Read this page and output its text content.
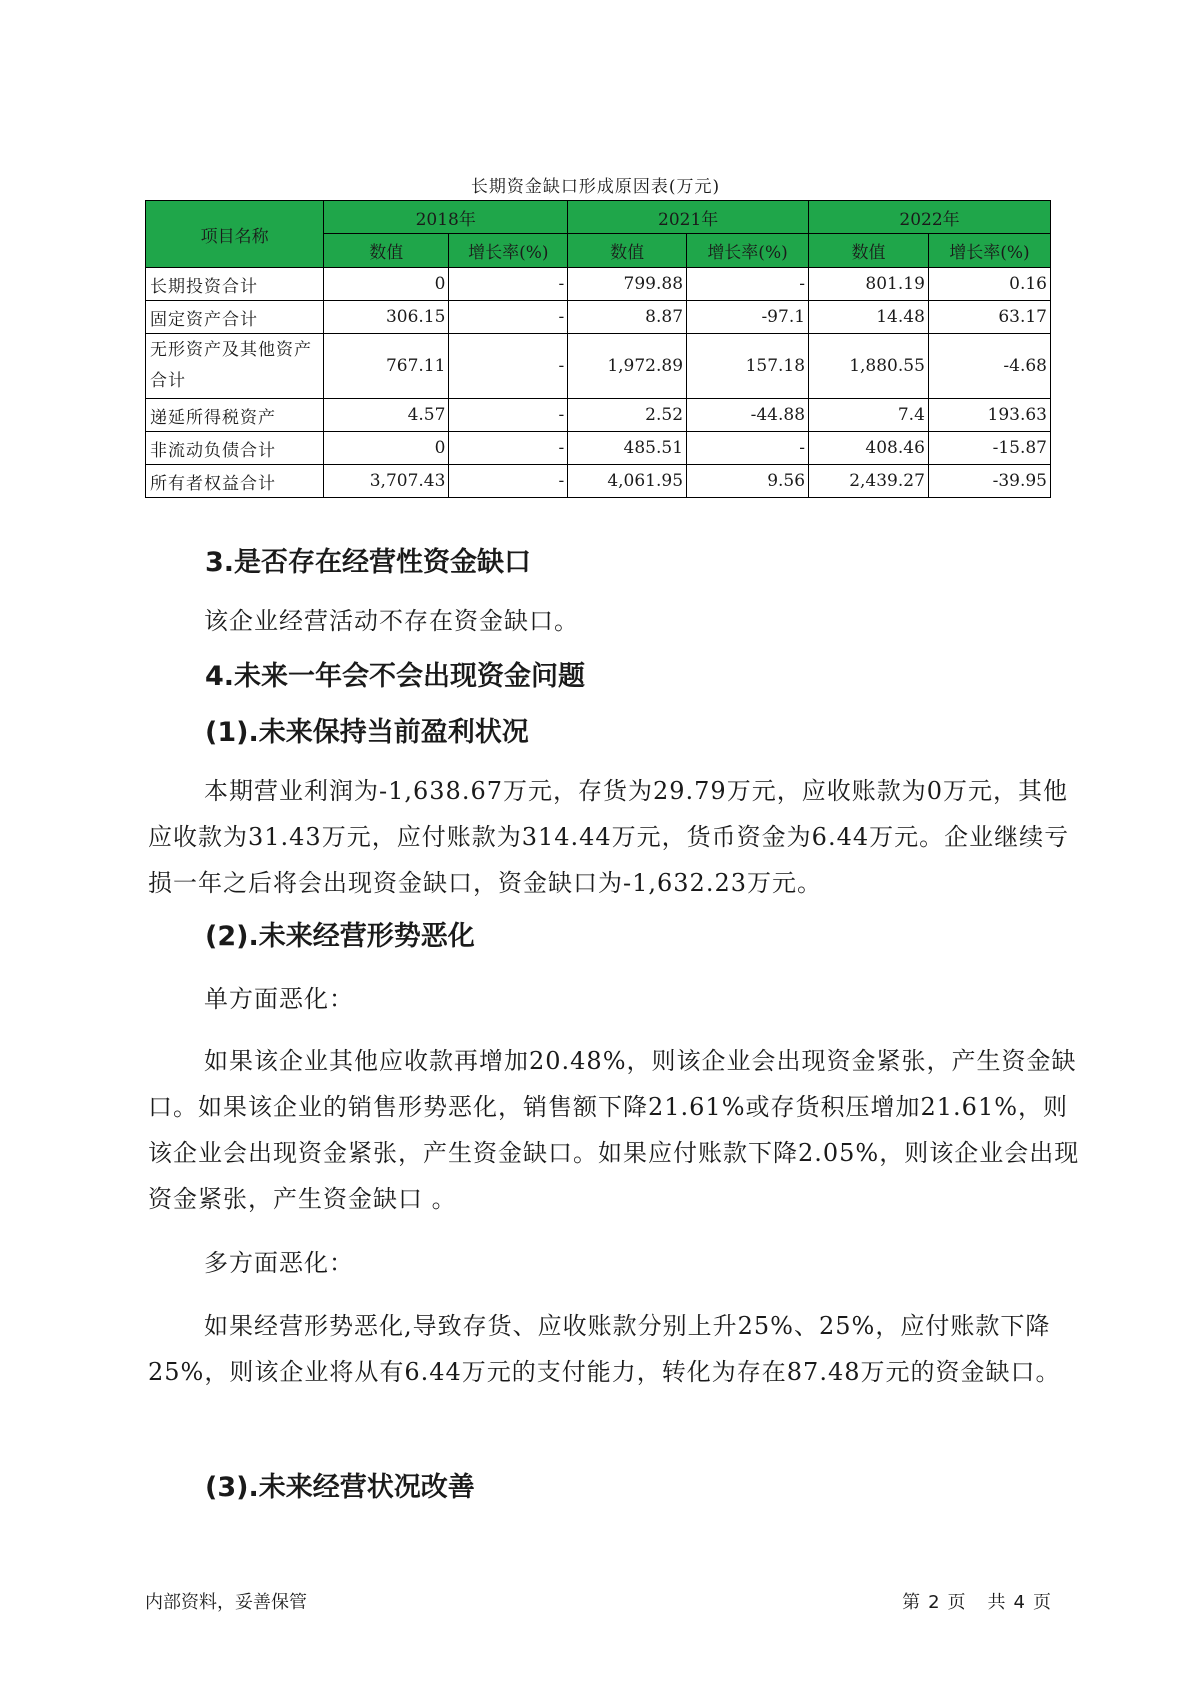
长期资金缺口形成原因表(万元)
项目名称	2018年		2021年		2022年	
	数值	增长率(%)	数值	增长率(%)	数值	增长率(%)
长期投资合计	0	-	799.88	-	801.19	0.16
固定资产合计	306.15	-	8.87	-97.1	14.48	63.17
无形资产及其他资产合计	767.11	-	1,972.89	157.18	1,880.55	-4.68
递延所得税资产	4.57	-	2.52	-44.88	7.4	193.63
非流动负债合计	0	-	485.51	-	408.46	-15.87
所有者权益合计	3,707.43	-	4,061.95	9.56	2,439.27	-39.95
3.是否存在经营性资金缺口
该企业经营活动不存在资金缺口。
4.未来一年会不会出现资金问题
(1).未来保持当前盈利状况
本期营业利润为-1,638.67万元，存货为29.79万元，应收账款为0万元，其他应收款为31.43万元，应付账款为314.44万元，货币资金为6.44万元。企业继续亏损一年之后将会出现资金缺口，资金缺口为-1,632.23万元。
(2).未来经营形势恶化
单方面恶化：
如果该企业其他应收款再增加20.48%，则该企业会出现资金紧张，产生资金缺口。如果该企业的销售形势恶化，销售额下降21.61%或存货积压增加21.61%，则该企业会出现资金紧张，产生资金缺口。如果应付账款下降2.05%，则该企业会出现资金紧张，产生资金缺口 。
多方面恶化：
如果经营形势恶化,导致存货、应收账款分别上升25%、25%，应付账款下降25%，则该企业将从有6.44万元的支付能力，转化为存在87.48万元的资金缺口。
(3).未来经营状况改善
内部资料，妥善保管	第 2 页 共 4 页
